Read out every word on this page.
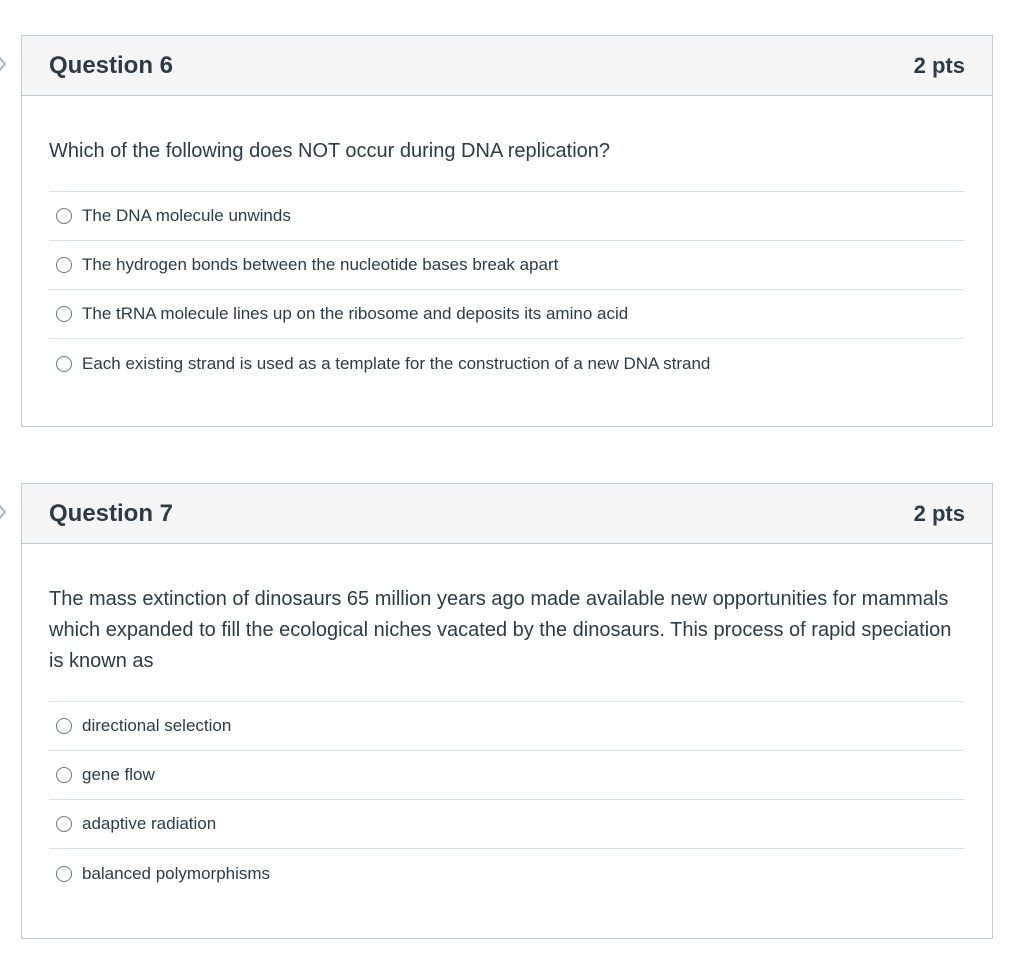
Question 6	2 pts

Which of the following does NOT occur during DNA replication?

The DNA molecule unwinds
The hydrogen bonds between the nucleotide bases break apart
The tRNA molecule lines up on the ribosome and deposits its amino acid
Each existing strand is used as a template for the construction of a new DNA strand
Question 7	2 pts

The mass extinction of dinosaurs 65 million years ago made available new opportunities for mammals which expanded to fill the ecological niches vacated by the dinosaurs. This process of rapid speciation is known as

directional selection
gene flow
adaptive radiation
balanced polymorphisms
